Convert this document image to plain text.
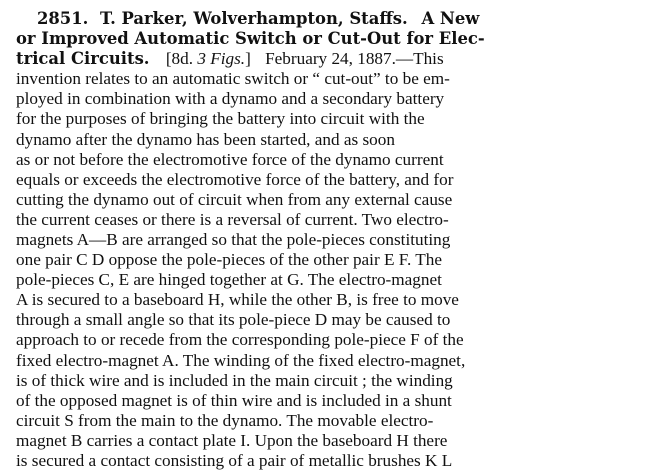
2851. T. Parker, Wolverhampton, Staffs. A New
or Improved Automatic Switch or Cut-Out for Elec-
trical Circuits. [8d. 3 Figs.] February 24, 1887.—This
invention relates to an automatic switch or “ cut-out” to be em-
ployed in combination with a dynamo and a secondary battery
for the purposes of bringing the battery into circuit with the
dynamo after the dynamo has been started, and as soon
as or not before the electromotive force of the dynamo current
equals or exceeds the electromotive force of the battery, and for
cutting the dynamo out of circuit when from any external cause
the current ceases or there is a reversal of current. Two electro-
magnets A—B are arranged so that the pole-pieces constituting
one pair C D oppose the pole-pieces of the other pair E F. The
pole-pieces C, E are hinged together at G. The electro-magnet
A is secured to a baseboard H, while the other B, is free to move
through a small angle so that its pole-piece D may be caused to
approach to or recede from the corresponding pole-piece F of the
fixed electro-magnet A. The winding of the fixed electro-magnet,
is of thick wire and is included in the main circuit ; the winding
of the opposed magnet is of thin wire and is included in a shunt
circuit S from the main to the dynamo. The movable electro-
magnet B carries a contact plate I. Upon the baseboard H there
is secured a contact consisting of a pair of metallic brushes K L
